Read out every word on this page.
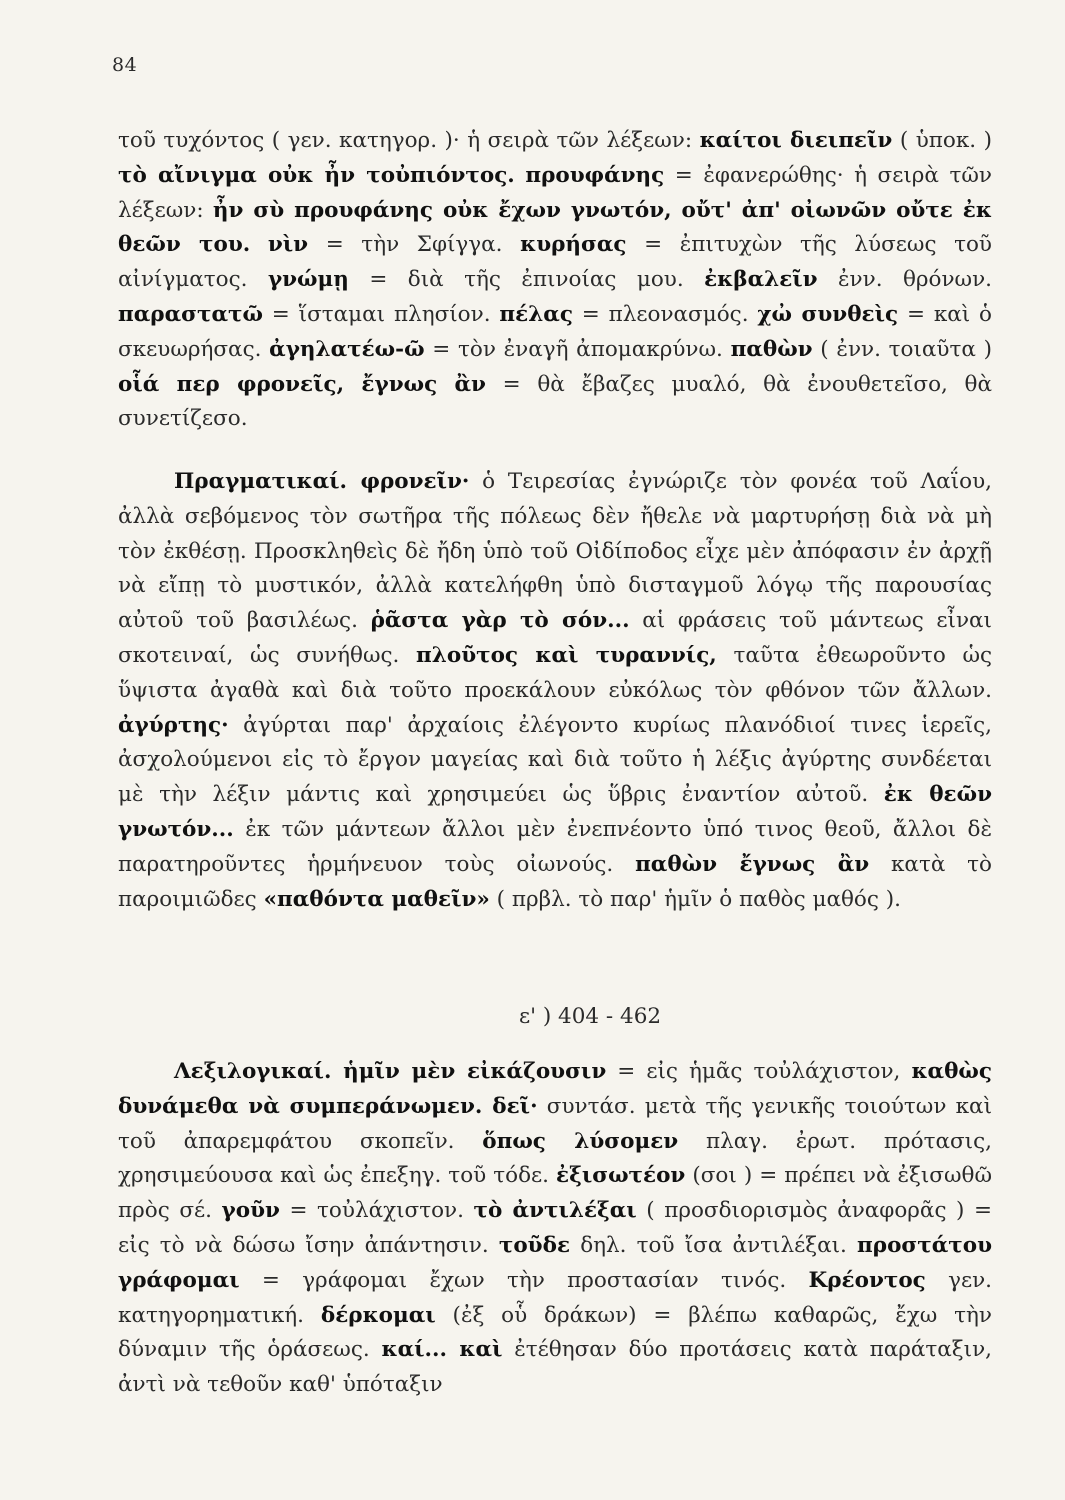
84
τοῦ τυχόντος ( γεν. κατηγορ. )· ἡ σειρὰ τῶν λέξεων: καίτοι διειπεῖν ( ὑποκ. ) τὸ αἴνιγμα οὐκ ἦν τοὐπιόντος. προυφάνης = ἐφανερώθης· ἡ σειρὰ τῶν λέξεων: ἦν σὺ προυφάνης οὐκ ἔχων γνωτόν, οὔτ' ἀπ' οἰωνῶν οὔτε ἐκ θεῶν του. νὶν = τὴν Σφίγγα. κυρήσας = ἐπιτυχὼν τῆς λύσεως τοῦ αἰνίγματος. γνώμῃ = διὰ τῆς ἐπινοίας μου. ἐκβαλεῖν ἐνν. θρόνων. παραστατῶ = ἵσταμαι πλησίον. πέλας = πλεονασμός. χὠ συνθεὶς = καὶ ὁ σκευωρήσας. ἀγηλατέω-ῶ = τὸν ἐναγῆ ἀπομακρύνω. παθὼν ( ἐνν. τοιαῦτα ) οἷά περ φρονεῖς, ἔγνως ἂν = θὰ ἔβαζες μυαλό, θὰ ἐνουθετεῖσο, θὰ συνετίζεσο.
Πραγματικαί. φρονεῖν· ὁ Τειρεσίας ἐγνώριζε τὸν φονέα τοῦ Λαΐου, ἀλλὰ σεβόμενος τὸν σωτῆρα τῆς πόλεως δὲν ἤθελε νὰ μαρτυρήσῃ διὰ νὰ μὴ τὸν ἐκθέσῃ. Προσκληθεὶς δὲ ἤδη ὑπὸ τοῦ Οἰδίποδος εἶχε μὲν ἀπόφασιν ἐν ἀρχῇ νὰ εἴπῃ τὸ μυστικόν, ἀλλὰ κατελήφθη ὑπὸ δισταγμοῦ λόγῳ τῆς παρουσίας αὐτοῦ τοῦ βασιλέως. ῥᾶστα γὰρ τὸ σόν... αἱ φράσεις τοῦ μάντεως εἶναι σκοτειναί, ὡς συνήθως. πλοῦτος καὶ τυραννίς, ταῦτα ἐθεωροῦντο ὡς ὕψιστα ἀγαθὰ καὶ διὰ τοῦτο προεκάλουν εὐκόλως τὸν φθόνον τῶν ἄλλων. ἀγύρτης· ἀγύρται παρ' ἀρχαίοις ἐλέγοντο κυρίως πλανόδιοί τινες ἱερεῖς, ἀσχολούμενοι εἰς τὸ ἔργον μαγείας καὶ διὰ τοῦτο ἡ λέξις ἀγύρτης συνδέεται μὲ τὴν λέξιν μάντις καὶ χρησιμεύει ὡς ὕβρις ἐναντίον αὐτοῦ. ἐκ θεῶν γνωτόν... ἐκ τῶν μάντεων ἄλλοι μὲν ἐνεπνέοντο ὑπό τινος θεοῦ, ἄλλοι δὲ παρατηροῦντες ἡρμήνευον τοὺς οἰωνούς. παθὼν ἔγνως ἂν κατὰ τὸ παροιμιῶδες «παθόντα μαθεῖν» ( πρβλ. τὸ παρ' ἡμῖν ὁ παθὸς μαθός ).
ε' ) 404 - 462
Λεξιλογικαί. ἡμῖν μὲν εἰκάζουσιν = εἰς ἡμᾶς τοὐλάχιστον, καθὼς δυνάμεθα νὰ συμπεράνωμεν. δεῖ· συντάσ. μετὰ τῆς γενικῆς τοιούτων καὶ τοῦ ἀπαρεμφάτου σκοπεῖν. ὅπως λύσομεν πλαγ. ἐρωτ. πρότασις, χρησιμεύουσα καὶ ὡς ἐπεξηγ. τοῦ τόδε. ἐξισωτέον (σοι ) = πρέπει νὰ ἐξισωθῶ πρὸς σέ. γοῦν = τοὐλάχιστον. τὸ ἀντιλέξαι ( προσδιορισμὸς ἀναφορᾶς ) = εἰς τὸ νὰ δώσω ἴσην ἀπάντησιν. τοῦδε δηλ. τοῦ ἴσα ἀντιλέξαι. προστάτου γράφομαι = γράφομαι ἔχων τὴν προστασίαν τινός. Κρέοντος γεν. κατηγορηματική. δέρκομαι (ἐξ οὗ δράκων) = βλέπω καθαρῶς, ἔχω τὴν δύναμιν τῆς ὁράσεως. καί... καὶ ἐτέθησαν δύο προτάσεις κατὰ παράταξιν, ἀντὶ νὰ τεθοῦν καθ' ὑπόταξιν
